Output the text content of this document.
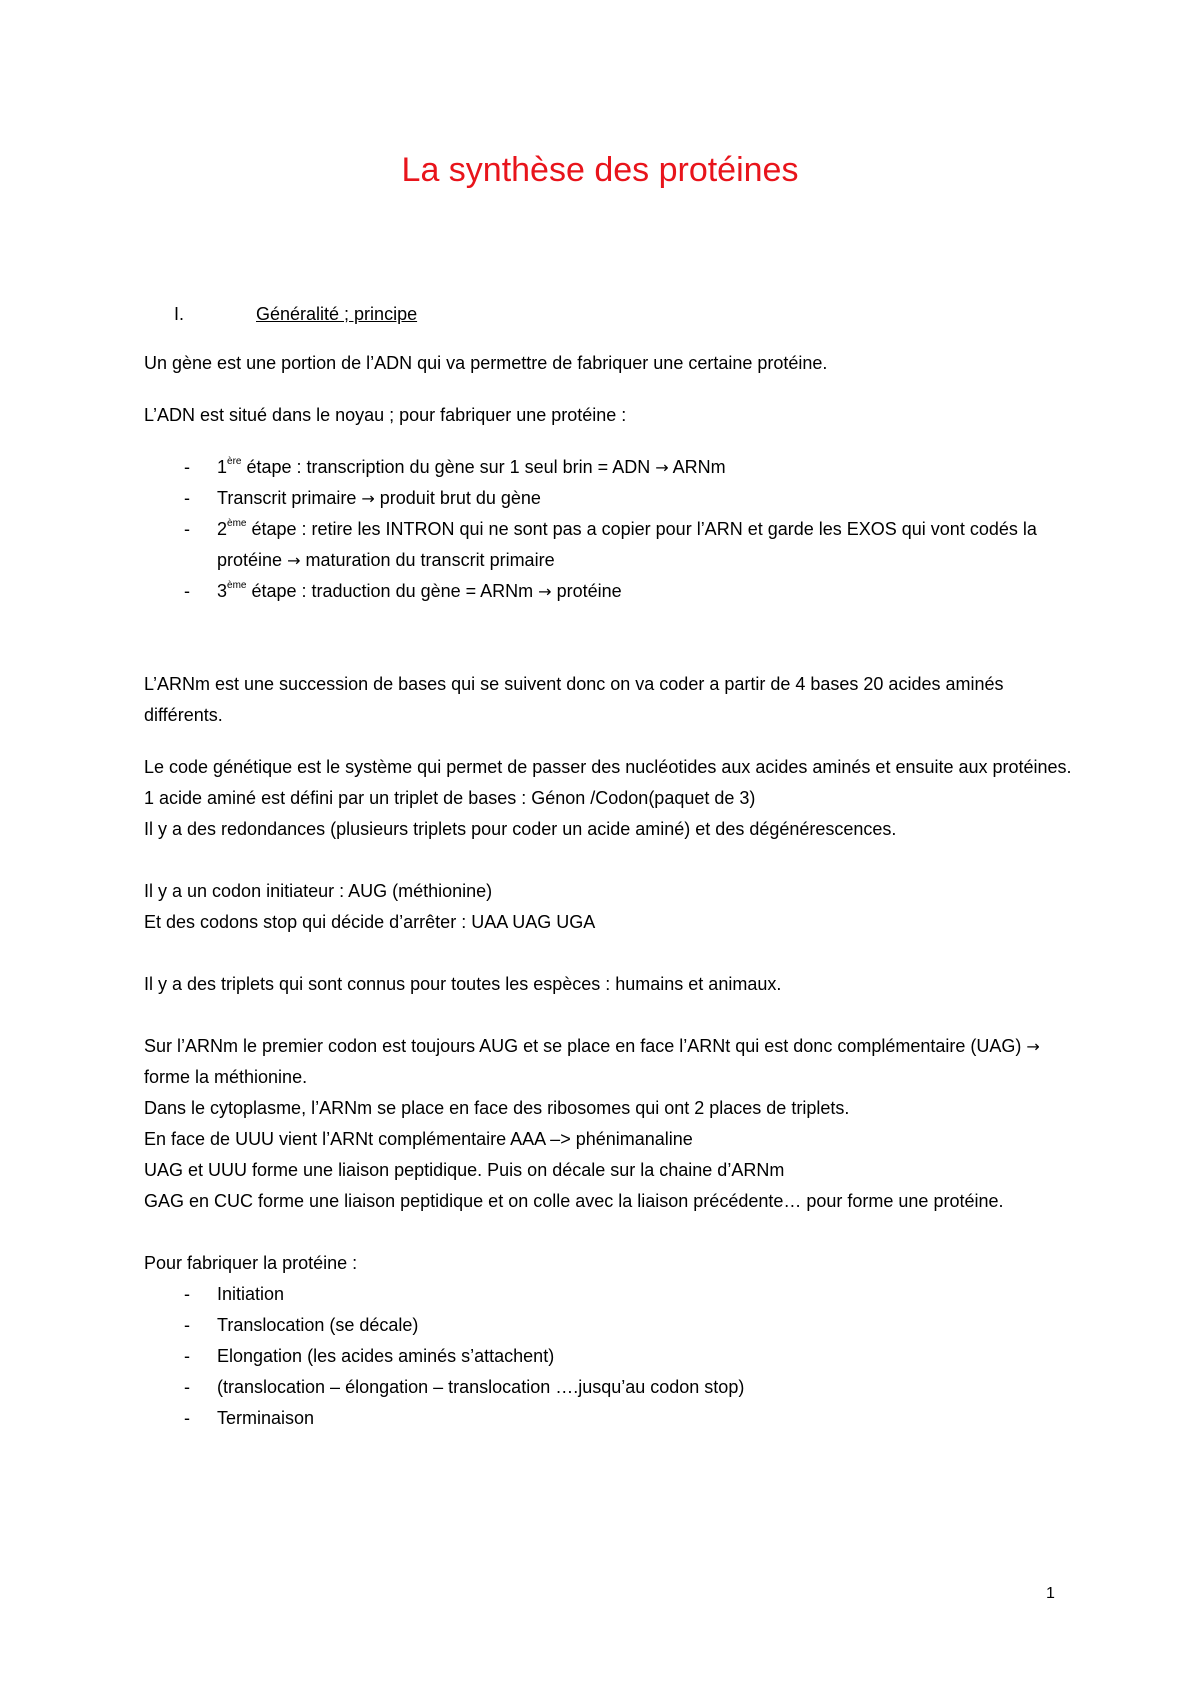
La synthèse des protéines
I.	Généralité ; principe

Un gène est une portion de l’ADN qui va permettre de fabriquer une certaine protéine.

L’ADN est situé dans le noyau ; pour fabriquer une protéine :

- 1ère étape : transcription du gène sur 1 seul brin = ADN → ARNm
- Transcrit primaire → produit brut du gène
- 2ème étape : retire les INTRON qui ne sont pas a copier pour l’ARN et garde les EXOS qui vont codés la protéine → maturation du transcrit primaire
- 3ème étape : traduction du gène = ARNm → protéine

L’ARNm est une succession de bases qui se suivent donc on va coder a partir de 4 bases 20 acides aminés différents.

Le code génétique est le système qui permet de passer des nucléotides aux acides aminés et ensuite aux protéines.

1 acide aminé est défini par un triplet de bases : Génon /Codon(paquet de 3)

Il y a des redondances (plusieurs triplets pour coder un acide aminé) et des dégénérescences.

Il y a un codon initiateur : AUG (méthionine)

Et des codons stop qui décide d’arrêter : UAA UAG UGA

Il y a des triplets qui sont connus pour toutes les espèces : humains et animaux.

Sur l’ARNm le premier codon est toujours AUG et se place en face l’ARNt qui est donc complémentaire (UAG) → forme la méthionine.

Dans le cytoplasme, l’ARNm se place en face des ribosomes qui ont 2 places de triplets.

En face de UUU vient l’ARNt complémentaire AAA –> phénimanaline

UAG et UUU forme une liaison peptidique. Puis on décale sur la chaine d’ARNm

GAG en CUC forme une liaison peptidique et on colle avec la liaison précédente… pour forme une protéine.

Pour fabriquer la protéine :

- Initiation
- Translocation (se décale)
- Elongation (les acides aminés s’attachent)
- (translocation – élongation – translocation ….jusqu’au codon stop)
- Terminaison
1
